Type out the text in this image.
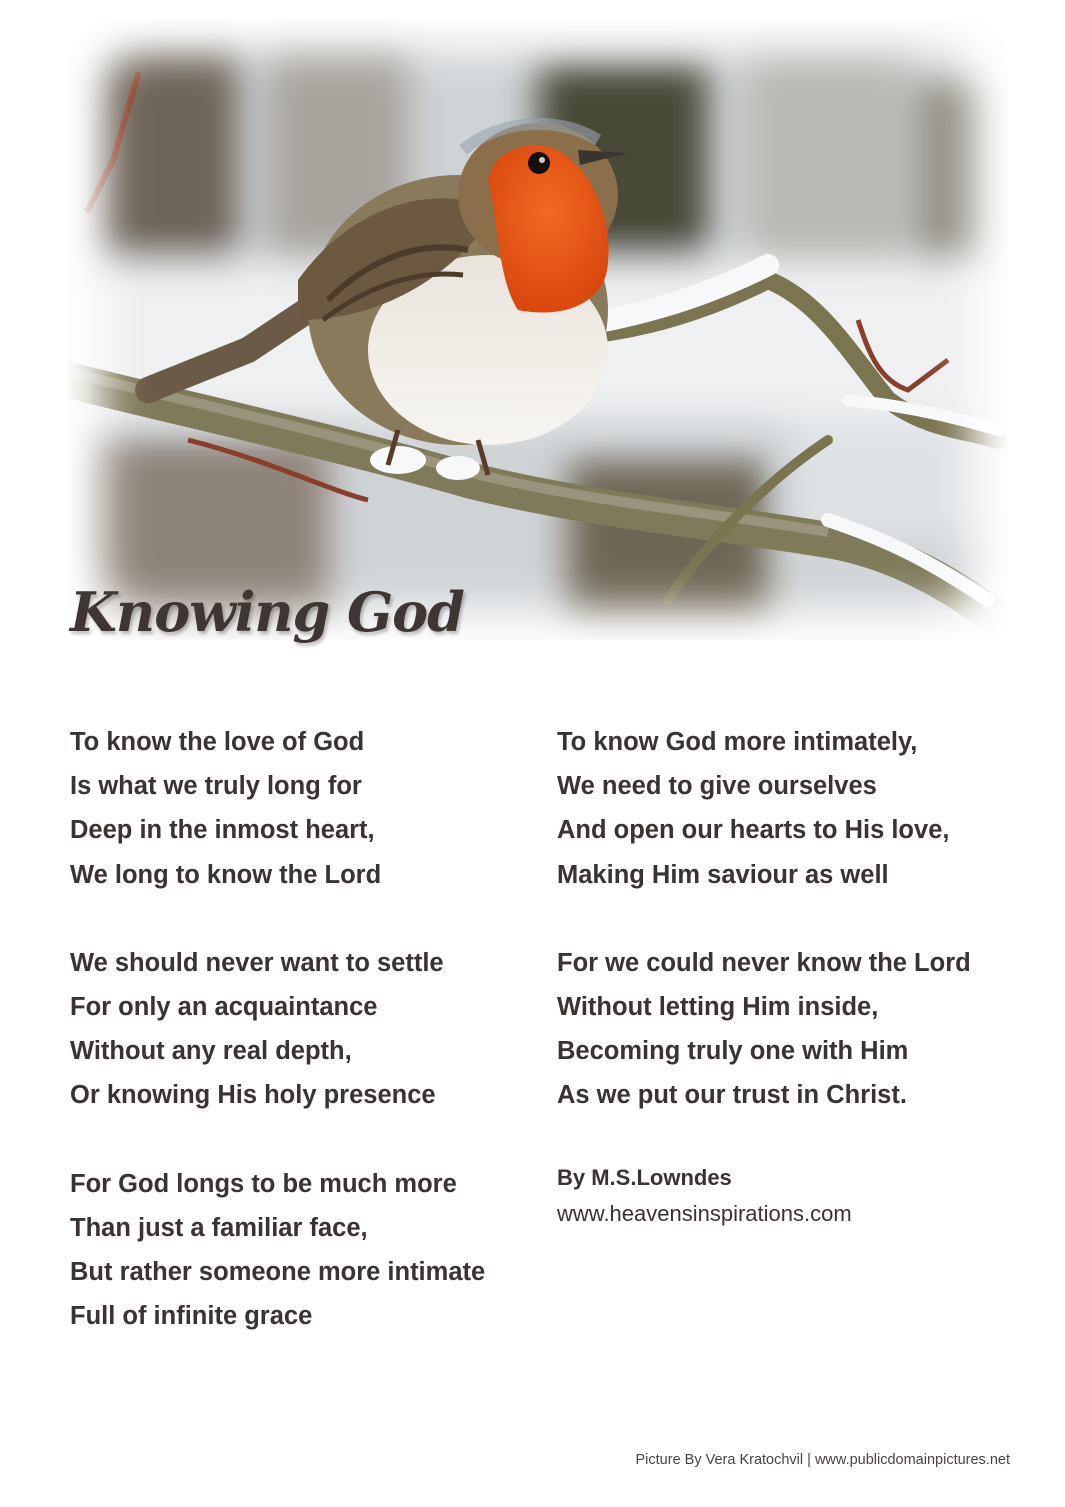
Knowing God
To know the love of God
Is what we truly long for
Deep in the inmost heart,
We long to know the Lord
We should never want to settle
For only an acquaintance
Without any real depth,
Or knowing His holy presence
For God longs to be much more
Than just a familiar face,
But rather someone more intimate
Full of infinite grace
To know God more intimately,
We need to give ourselves
And open our hearts to His love,
Making Him saviour as well
For we could never know the Lord
Without letting Him inside,
Becoming truly one with Him
As we put our trust in Christ.
By M.S.Lowndes
www.heavensinspirations.com
Picture By Vera Kratochvil | www.publicdomainpictures.net
